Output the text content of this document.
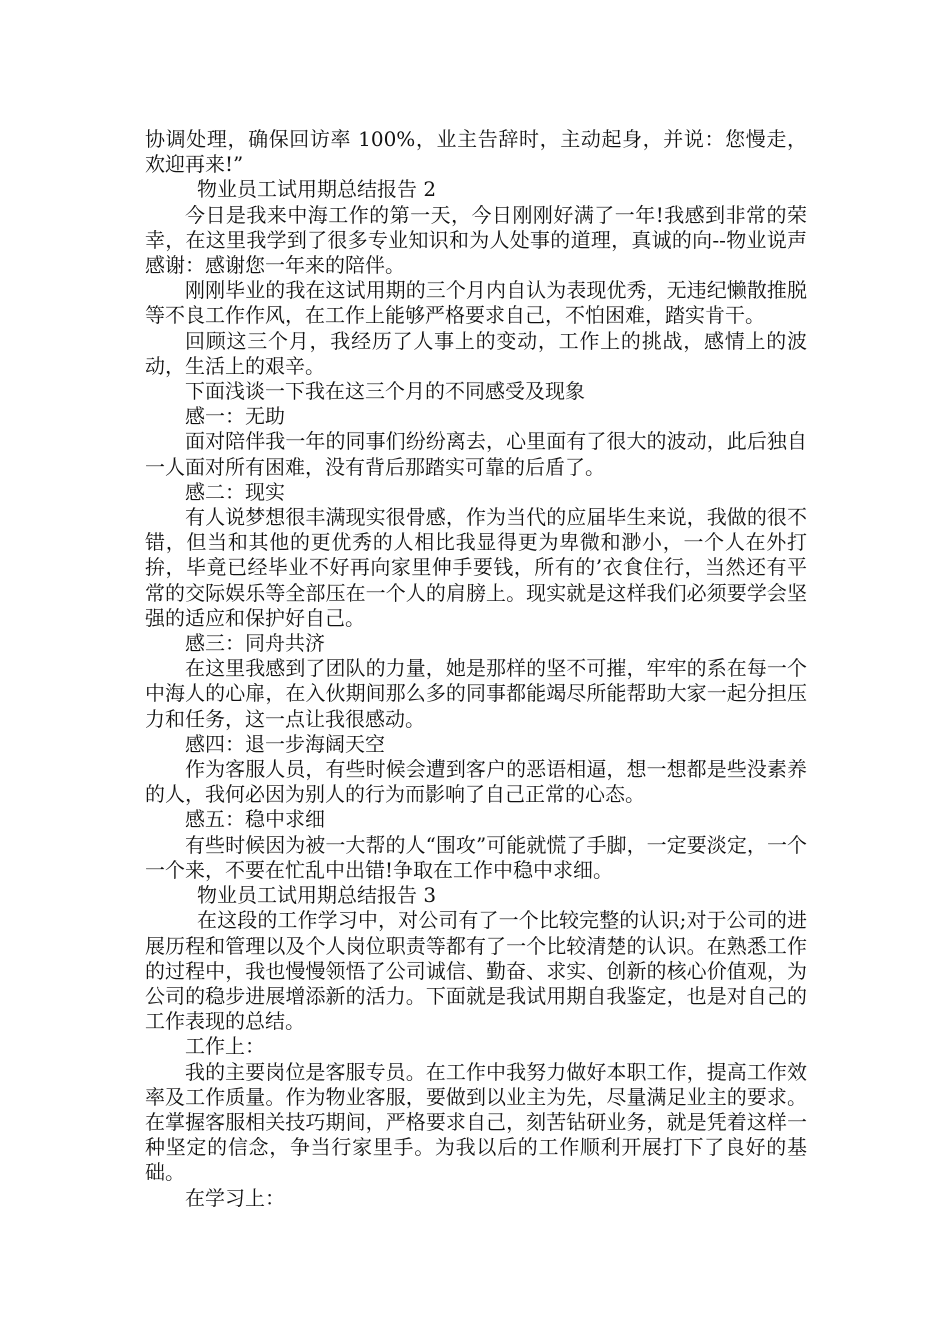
协调处理，确保回访率 100%，业主告辞时，主动起身，并说：您慢走，欢迎再来!”

物业员工试用期总结报告 2

今日是我来中海工作的第一天，今日刚刚好满了一年!我感到非常的荣幸，在这里我学到了很多专业知识和为人处事的道理，真诚的向--物业说声感谢：感谢您一年来的陪伴。

刚刚毕业的我在这试用期的三个月内自认为表现优秀，无违纪懒散推脱等不良工作作风，在工作上能够严格要求自己，不怕困难，踏实肯干。

回顾这三个月，我经历了人事上的变动，工作上的挑战，感情上的波动，生活上的艰辛。

下面浅谈一下我在这三个月的不同感受及现象

感一：无助

面对陪伴我一年的同事们纷纷离去，心里面有了很大的波动，此后独自一人面对所有困难，没有背后那踏实可靠的后盾了。

感二：现实

有人说梦想很丰满现实很骨感，作为当代的应届毕生来说，我做的很不错，但当和其他的更优秀的人相比我显得更为卑微和渺小，一个人在外打拚，毕竟已经毕业不好再向家里伸手要钱，所有的’衣食住行，当然还有平常的交际娱乐等全部压在一个人的肩膀上。现实就是这样我们必须要学会坚强的适应和保护好自己。

感三：同舟共济

在这里我感到了团队的力量，她是那样的坚不可摧，牢牢的系在每一个中海人的心扉，在入伙期间那么多的同事都能竭尽所能帮助大家一起分担压力和任务，这一点让我很感动。

感四：退一步海阔天空

作为客服人员，有些时候会遭到客户的恶语相逼，想一想都是些没素养的人，我何必因为别人的行为而影响了自己正常的心态。

感五：稳中求细

有些时候因为被一大帮的人“围攻”可能就慌了手脚，一定要淡定，一个一个来，不要在忙乱中出错!争取在工作中稳中求细。

物业员工试用期总结报告 3

在这段的工作学习中，对公司有了一个比较完整的认识;对于公司的进展历程和管理以及个人岗位职责等都有了一个比较清楚的认识。在熟悉工作的过程中，我也慢慢领悟了公司诚信、勤奋、求实、创新的核心价值观，为公司的稳步进展增添新的活力。下面就是我试用期自我鉴定，也是对自己的工作表现的总结。

工作上：

我的主要岗位是客服专员。在工作中我努力做好本职工作，提高工作效率及工作质量。作为物业客服，要做到以业主为先，尽量满足业主的要求。在掌握客服相关技巧期间，严格要求自己，刻苦钻研业务，就是凭着这样一种坚定的信念，争当行家里手。为我以后的工作顺利开展打下了良好的基础。

在学习上：
